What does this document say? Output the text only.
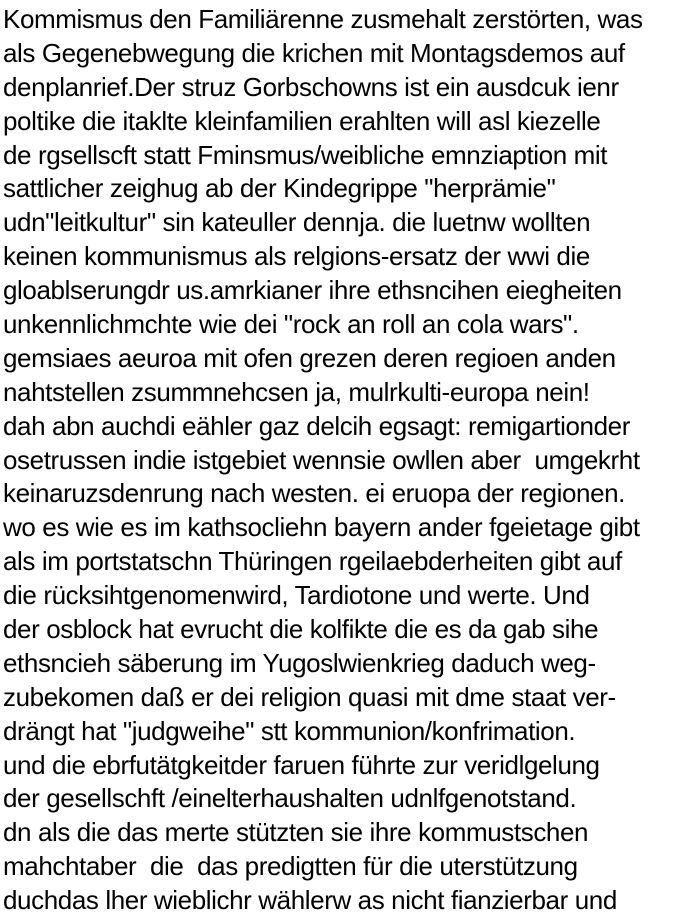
Kommismus den Familiärenne zusmehalt zerstörten, was
als Gegenebwegung die krichen mit Montagsdemos auf
denplanrief.Der struz Gorbschowns ist ein ausdcuk ienr
poltike die itaklte kleinfamilien erahlten will asl kiezelle
de rgsellscft statt Fminsmus/weibliche emnziaption mit
sattlicher zeighug ab der Kindegrippe "herprämie"
udn"leitkultur" sin kateuller dennja. die luetnw wollten
keinen kommunismus als relgions-ersatz der wwi die
gloablserungdr us.amrkianer ihre ethsncihen eiegheiten
unkennlichmchte wie dei "rock an roll an cola wars".
gemsiaes aeuroa mit ofen grezen deren regioen anden
nahtstellen zsummnehcsen ja, mulrkulti-europa nein!
dah abn auchdi eähler gaz delcih egsagt: remigartionder
osetrussen indie istgebiet wennsie owllen aber  umgekrht
keinaruzsdenrung nach westen. ei eruopa der regionen.
wo es wie es im kathsocliehn bayern ander fgeietage gibt
als im portstatschn Thüringen rgeilaebderheiten gibt auf
die rücksihtgenomenwird, Tardiotone und werte. Und
der osblock hat evrucht die kolfikte die es da gab sihe
ethsncieh säberung im Yugoslwienkrieg daduch weg-
zubekomen daß er dei religion quasi mit dme staat ver-
drängt hat "judgweihe" stt kommunion/konfrimation.
und die ebrfutätgkeitder faruen führte zur veridlgelung
der gesellschft /einelterhaushalten udnlfgenotstand.
dn als die das merte stützten sie ihre kommustschen
mahchtaber  die  das predigtten für die uterstützung
duchdas lher wieblichr wählerw as nicht fianzierbar und
